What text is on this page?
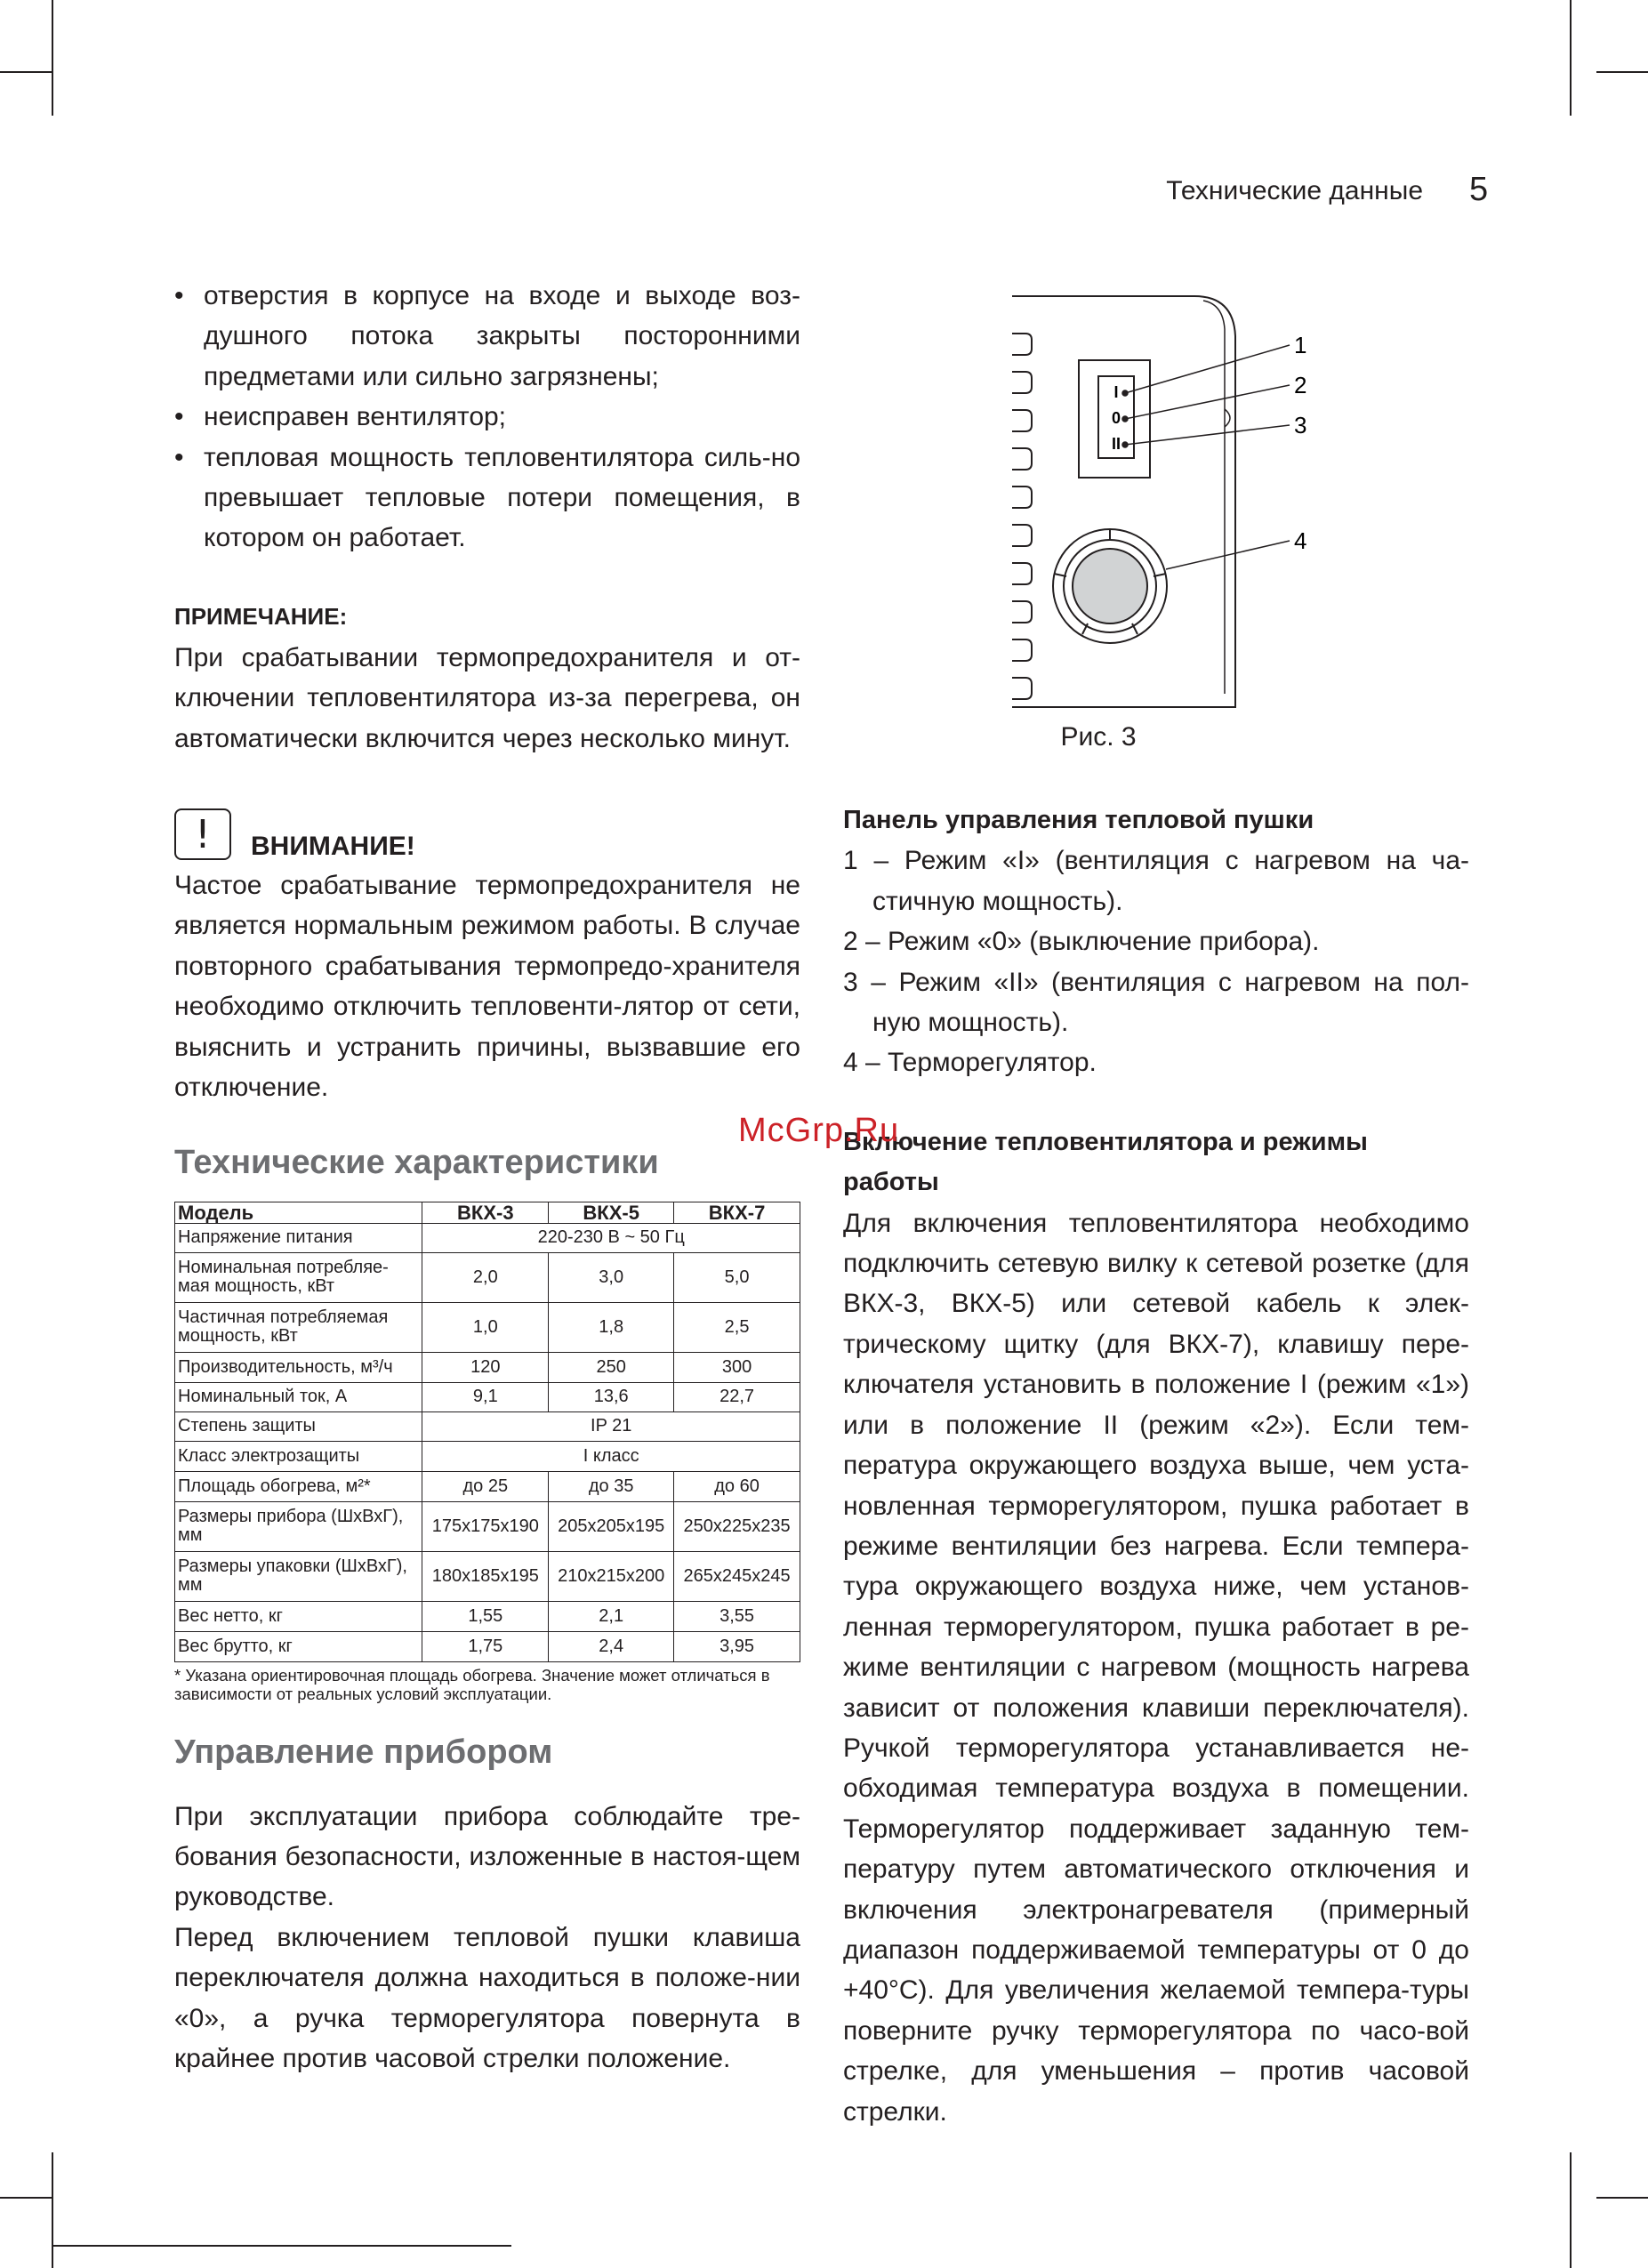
Технические данные 5
• отверстия в корпусе на входе и выходе воз-душного потока закрыты посторонними предметами или сильно загрязнены;
• неисправен вентилятор;
• тепловая мощность тепловентилятора силь-но превышает тепловые потери помещения, в котором он работает.
ПРИМЕЧАНИЕ:

При срабатывании термопредохранителя и от-ключении тепловентилятора из-за перегрева, он автоматически включится через несколько минут.

!	ВНИМАНИЕ!

Частое срабатывание термопредохранителя не является нормальным режимом работы. В случае повторного срабатывания термопредо-хранителя необходимо отключить тепловенти-лятор от сети, выяснить и устранить причины, вызвавшие его отключение.

Технические характеристики
Модель	ВКХ-3	ВКХ-5	ВКХ-7
Напряжение питания	220-230 В ~ 50 Гц		
Номинальная потребляе-мая мощность, кВт	2,0	3,0	5,0
Частичная потребляемая мощность, кВт	1,0	1,8	2,5
Производительность, м³/ч	120	250	300
Номинальный ток, А	9,1	13,6	22,7
Степень защиты	IP 21		
Класс электрозащиты	I класс		
Площадь обогрева, м²*	до 25	до 35	до 60
Размеры прибора (ШхВхГ), мм	175x175x190	205x205x195	250x225x235
Размеры упаковки (ШхВхГ), мм	180x185x195	210x215x200	265x245x245
Вес нетто, кг	1,55	2,1	3,55
Вес брутто, кг	1,75	2,4	3,95

* Указана ориентировочная площадь обогрева. Значение может отличаться в зависимости от реальных условий эксплуатации.

Управление прибором

При эксплуатации прибора соблюдайте тре-бования безопасности, изложенные в настоя-щем руководстве.

Перед включением тепловой пушки клавиша переключателя должна находиться в положе-нии «0», а ручка терморегулятора повернута в крайнее против часовой стрелки положение.

I
0
II
1
2
3
4
Рис. 3
Панель управления тепловой пушки
1 – Режим «I» (вентиляция с нагревом на ча-стичную мощность).
2 – Режим «0» (выключение прибора).
3 – Режим «II» (вентиляция с нагревом на пол-ную мощность).
4 – Терморегулятор.
Включение тепловентилятора и режимы работы

Для включения тепловентилятора необходимо подключить сетевую вилку к сетевой розетке (для ВКХ-3, ВКХ-5) или сетевой кабель к элек-трическому щитку (для ВКХ-7), клавишу пере-ключателя установить в положение I (режим «1») или в положение II (режим «2»). Если тем-пература окружающего воздуха выше, чем уста-новленная терморегулятором, пушка работает в режиме вентиляции без нагрева. Если темпера-тура окружающего воздуха ниже, чем установ-ленная терморегулятором, пушка работает в ре-жиме вентиляции с нагревом (мощность нагрева зависит от положения клавиши переключателя). Ручкой терморегулятора устанавливается не-обходимая температура воздуха в помещении. Терморегулятор поддерживает заданную тем-пературу путем автоматического отключения и включения электронагревателя (примерный диапазон поддерживаемой температуры от 0 до +40°С). Для увеличения желаемой темпера-туры поверните ручку терморегулятора по часо-вой стрелке, для уменьшения – против часовой стрелки.

McGrp.Ru
